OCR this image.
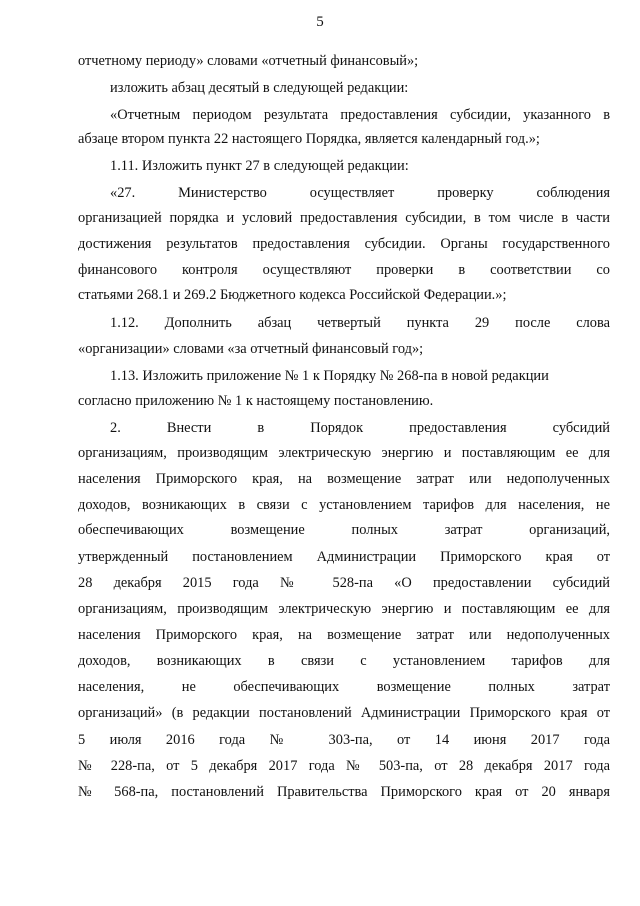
5
отчетному периоду» словами «отчетный финансовый»;
изложить абзац десятый в следующей редакции:
«Отчетным периодом результата предоставления субсидии, указанного в
абзаце втором пункта 22 настоящего Порядка, является календарный год.»;
1.11. Изложить пункт 27 в следующей редакции:
«27. Министерство осуществляет проверку соблюдения
организацией порядка и условий предоставления субсидии, в том числе в части
достижения результатов предоставления субсидии. Органы государственного
финансового контроля осуществляют проверки в соответствии со
статьями 268.1 и 269.2 Бюджетного кодекса Российской Федерации.»;
1.12. Дополнить абзац четвертый пункта 29 после слова
«организации» словами «за отчетный финансовый год»;
1.13. Изложить приложение № 1 к Порядку № 268-па в новой редакции
согласно приложению № 1 к настоящему постановлению.
2. Внести в Порядок предоставления субсидий
организациям, производящим электрическую энергию и поставляющим ее для
населения Приморского края, на возмещение затрат или недополученных
доходов, возникающих в связи с установлением тарифов для населения, не
обеспечивающих возмещение полных затрат организаций,
утвержденный постановлением Администрации Приморского края от
28 декабря 2015 года № 528-па «О предоставлении субсидий
организациям, производящим электрическую энергию и поставляющим ее для
населения Приморского края, на возмещение затрат или недополученных
доходов, возникающих в связи с установлением тарифов для
населения, не обеспечивающих возмещение полных затрат
организаций» (в редакции постановлений Администрации Приморского края от
5 июля 2016 года № 303-па, от 14 июня 2017 года
№ 228-па, от 5 декабря 2017 года № 503-па, от 28 декабря 2017 года
№ 568-па, постановлений Правительства Приморского края от 20 января
